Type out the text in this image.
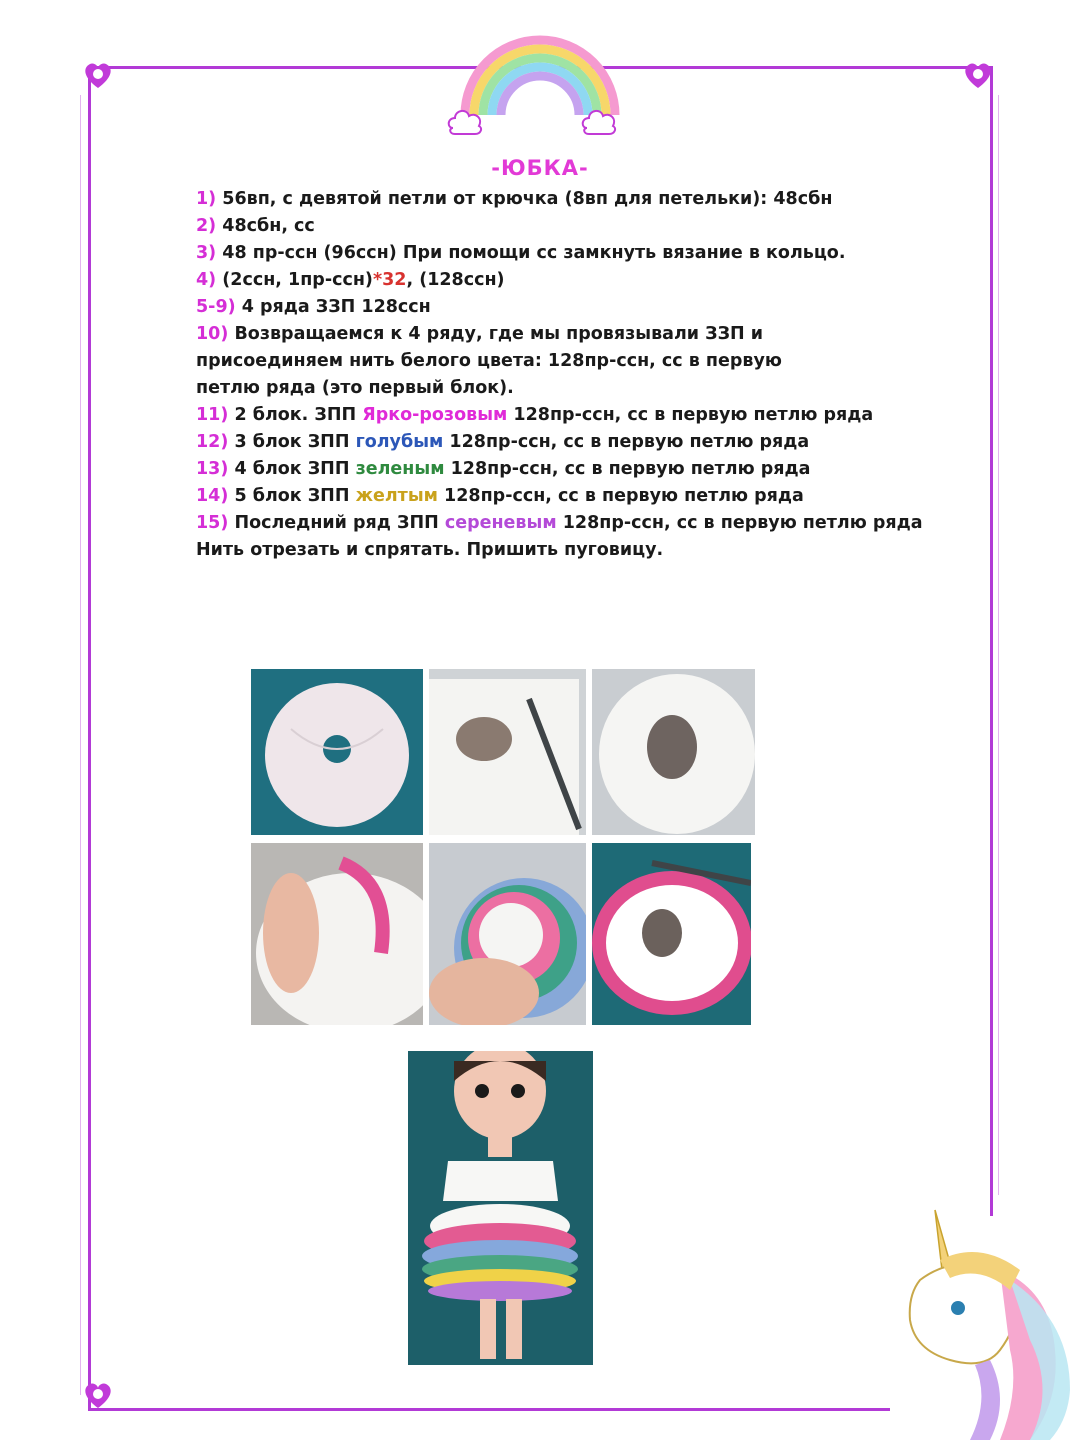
-ЮБКА-
1) 56вп, с девятой петли от крючка (8вп для петельки): 48сбн
2) 48сбн, сс
3) 48 пр-ссн (96ссн) При помощи сс замкнуть вязание в кольцо.
4) (2ссн, 1пр-ссн)*32, (128ссн)
5-9) 4 ряда ЗЗП 128ссн
10) Возвращаемся к 4 ряду, где мы провязывали ЗЗП и
присоединяем нить белого цвета: 128пр-ссн, сс в первую
петлю ряда (это первый блок).
11) 2 блок. ЗПП Ярко-розовым 128пр-ссн, сс в первую петлю ряда
12) 3 блок ЗПП голубым 128пр-ссн, сс в первую петлю ряда
13) 4 блок ЗПП зеленым 128пр-ссн, сс в первую петлю ряда
14) 5 блок ЗПП желтым 128пр-ссн, сс в первую петлю ряда
15) Последний ряд ЗПП сереневым 128пр-ссн, сс в первую петлю ряда
Нить отрезать и спрятать. Пришить пуговицу.
